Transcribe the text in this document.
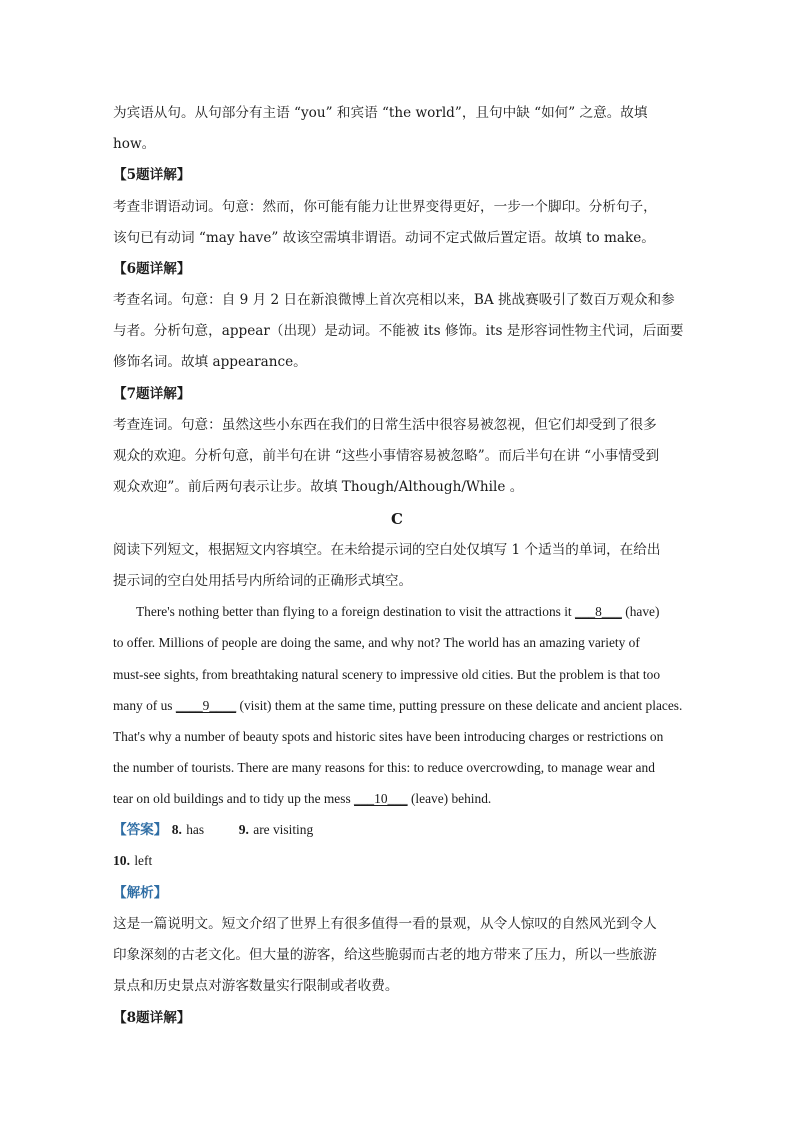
为宾语从句。从句部分有主语 “you” 和宾语 “the world”，且句中缺 “如何” 之意。故填
how。
【5题详解】
考查非谓语动词。句意：然而，你可能有能力让世界变得更好，一步一个脚印。分析句子，
该句已有动词 “may have” 故该空需填非谓语。动词不定式做后置定语。故填 to make。
【6题详解】
考查名词。句意：自 9 月 2 日在新浪微博上首次亮相以来，BA 挑战赛吸引了数百万观众和参
与者。分析句意，appear（出现）是动词。不能被 its 修饰。its 是形容词性物主代词，后面要
修饰名词。故填 appearance。
【7题详解】
考查连词。句意：虽然这些小东西在我们的日常生活中很容易被忽视，但它们却受到了很多
观众的欢迎。分析句意，前半句在讲 “这些小事情容易被忽略”。而后半句在讲 “小事情受到
观众欢迎”。前后两句表示让步。故填 Though/Although/While 。
C
阅读下列短文，根据短文内容填空。在未给提示词的空白处仅填写 1 个适当的单词，在给出
提示词的空白处用括号内所给词的正确形式填空。
There's nothing better than flying to a foreign destination to visit the attractions it ___8___ (have)
to offer. Millions of people are doing the same, and why not? The world has an amazing variety of
must-see sights, from breathtaking natural scenery to impressive old cities. But the problem is that too
many of us ____9____ (visit) them at the same time, putting pressure on these delicate and ancient places.
That's why a number of beauty spots and historic sites have been introducing charges or restrictions on
the number of tourists. There are many reasons for this: to reduce overcrowding, to manage wear and
tear on old buildings and to tidy up the mess ___10___ (leave) behind.
【答案】 8. has	9. are visiting
10. left
【解析】
这是一篇说明文。短文介绍了世界上有很多值得一看的景观，从令人惊叹的自然风光到令人
印象深刻的古老文化。但大量的游客，给这些脆弱而古老的地方带来了压力，所以一些旅游
景点和历史景点对游客数量实行限制或者收费。
【8题详解】
